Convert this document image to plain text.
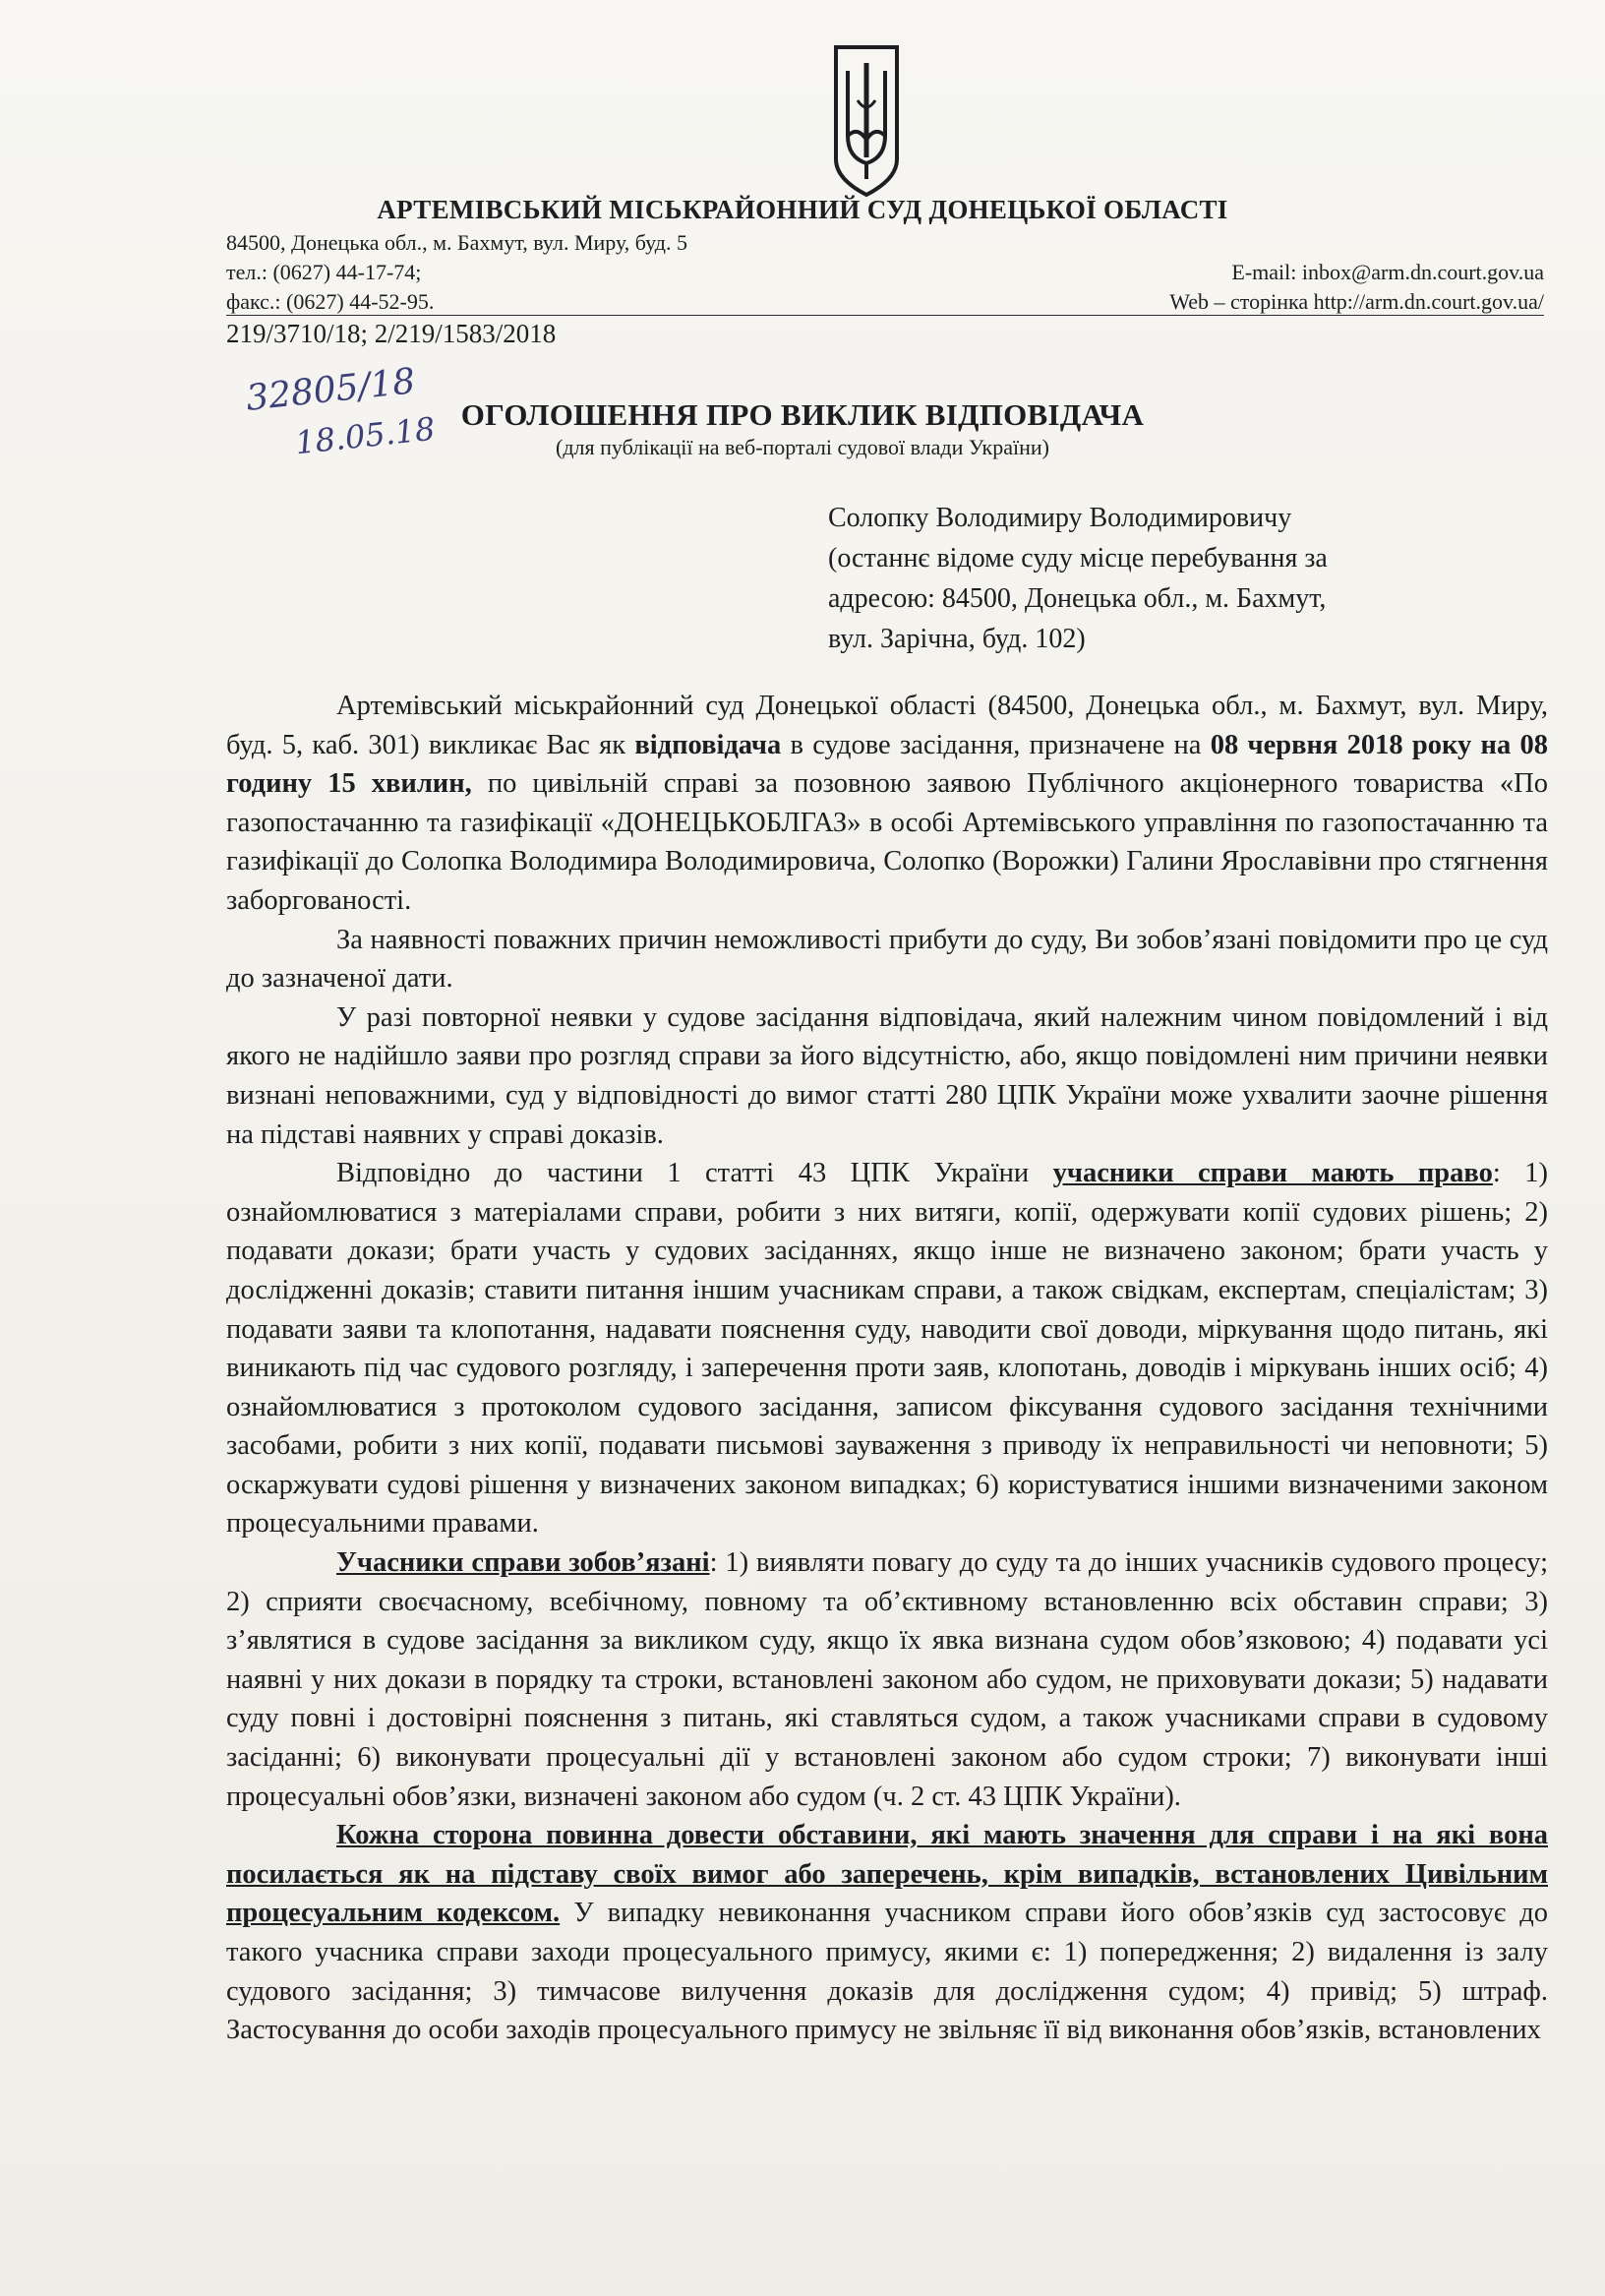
АРТЕМІВСЬКИЙ МІСЬКРАЙОННИЙ СУД ДОНЕЦЬКОЇ ОБЛАСТІ
84500, Донецька обл., м. Бахмут, вул. Миру, буд. 5
тел.: (0627) 44-17-74;
факс.: (0627) 44-52-95.
E-mail: inbox@arm.dn.court.gov.ua
Web – сторінка http://arm.dn.court.gov.ua/
219/3710/18; 2/219/1583/2018
32805/18
18.05.18 ОГОЛОШЕННЯ ПРО ВИКЛИК ВІДПОВІДАЧА
(для публікації на веб-порталі судової влади України)
Солопку Володимиру Володимировичу
(останнє відоме суду місце перебування за
адресою: 84500, Донецька обл., м. Бахмут,
вул. Зарічна, буд. 102)

Артемівський міськрайонний суд Донецької області (84500, Донецька обл., м. Бахмут, вул. Миру, буд. 5, каб. 301) викликає Вас як відповідача в судове засідання, призначене на 08 червня 2018 року на 08 годину 15 хвилин, по цивільній справі за позовною заявою Публічного акціонерного товариства «По газопостачанню та газифікації «ДОНЕЦЬКОБЛГАЗ» в особі Артемівського управління по газопостачанню та газифікації до Солопка Володимира Володимировича, Солопко (Ворожки) Галини Ярославівни про стягнення заборгованості.

За наявності поважних причин неможливості прибути до суду, Ви зобов’язані повідомити про це суд до зазначеної дати.

У разі повторної неявки у судове засідання відповідача, який належним чином повідомлений і від якого не надійшло заяви про розгляд справи за його відсутністю, або, якщо повідомлені ним причини неявки визнані неповажними, суд у відповідності до вимог статті 280 ЦПК України може ухвалити заочне рішення на підставі наявних у справі доказів.

Відповідно до частини 1 статті 43 ЦПК України учасники справи мають право: 1) ознайомлюватися з матеріалами справи, робити з них витяги, копії, одержувати копії судових рішень; 2) подавати докази; брати участь у судових засіданнях, якщо інше не визначено законом; брати участь у дослідженні доказів; ставити питання іншим учасникам справи, а також свідкам, експертам, спеціалістам; 3) подавати заяви та клопотання, надавати пояснення суду, наводити свої доводи, міркування щодо питань, які виникають під час судового розгляду, і заперечення проти заяв, клопотань, доводів і міркувань інших осіб; 4) ознайомлюватися з протоколом судового засідання, записом фіксування судового засідання технічними засобами, робити з них копії, подавати письмові зауваження з приводу їх неправильності чи неповноти; 5) оскаржувати судові рішення у визначених законом випадках; 6) користуватися іншими визначеними законом процесуальними правами.

Учасники справи зобов’язані: 1) виявляти повагу до суду та до інших учасників судового процесу; 2) сприяти своєчасному, всебічному, повному та об’єктивному встановленню всіх обставин справи; 3) з’являтися в судове засідання за викликом суду, якщо їх явка визнана судом обов’язковою; 4) подавати усі наявні у них докази в порядку та строки, встановлені законом або судом, не приховувати докази; 5) надавати суду повні і достовірні пояснення з питань, які ставляться судом, а також учасниками справи в судовому засіданні; 6) виконувати процесуальні дії у встановлені законом або судом строки; 7) виконувати інші процесуальні обов’язки, визначені законом або судом (ч. 2 ст. 43 ЦПК України).

Кожна сторона повинна довести обставини, які мають значення для справи і на які вона посилається як на підставу своїх вимог або заперечень, крім випадків, встановлених Цивільним процесуальним кодексом. У випадку невиконання учасником справи його обов’язків суд застосовує до такого учасника справи заходи процесуального примусу, якими є: 1) попередження; 2) видалення із залу судового засідання; 3) тимчасове вилучення доказів для дослідження судом; 4) привід; 5) штраф. Застосування до особи заходів процесуального примусу не звільняє її від виконання обов’язків, встановлених
